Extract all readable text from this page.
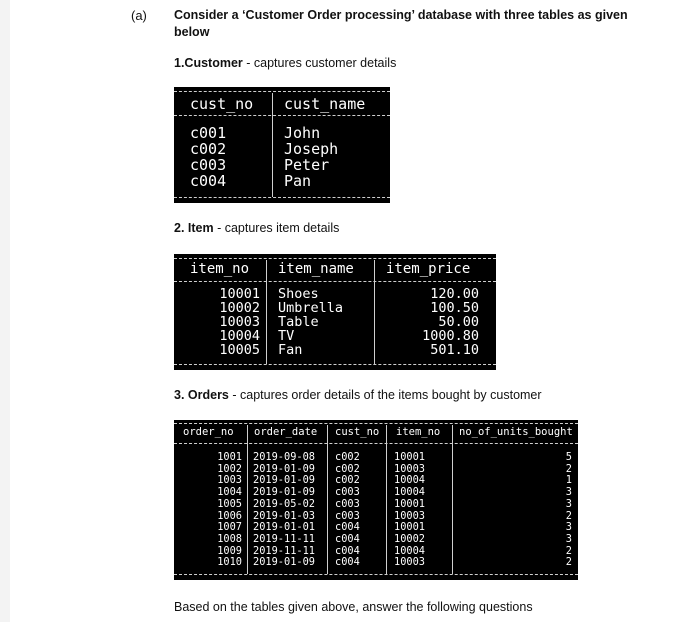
(a) Consider a ‘Customer Order processing’ database with three tables as given below
1.Customer - captures customer details
cust_no cust_name
c001	John
c002	Joseph
c003	Peter
c004	Pan
2. Item - captures item details
item_no item_name item_price
10001 Shoes	120.00
10002 Umbrella	100.50
10003 Table	50.00
10004 TV	1000.80
10005 Fan	501.10
3. Orders - captures order details of the items bought by customer
order_no order_date cust_no item_no no_of_units_bought
1001 2019-09-08 c002	10001	5
1002 2019-01-09 c002	10003	2
1003 2019-01-09 c002	10004	1
1004 2019-01-09 c003	10004	3
1005 2019-05-02 c003	10001	3
1006 2019-01-03 c003	10003	2
1007 2019-01-01 c004	10001	3
1008 2019-11-11 c004	10002	3
1009 2019-11-11 c004	10004	2
1010 2019-01-09 c004	10003	2
Based on the tables given above, answer the following questions
